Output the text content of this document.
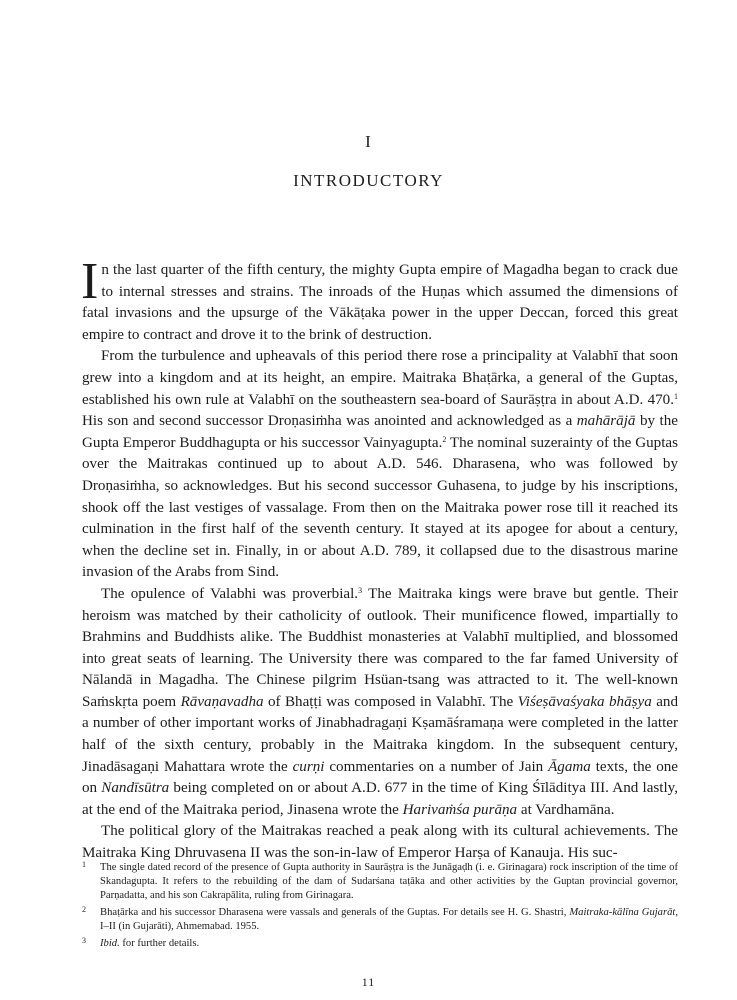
I
INTRODUCTORY

In the last quarter of the fifth century, the mighty Gupta empire of Magadha began to crack due to internal stresses and strains. The inroads of the Huṇas which assumed the dimensions of fatal invasions and the upsurge of the Vākāṭaka power in the upper Deccan, forced this great empire to contract and drove it to the brink of destruction.

From the turbulence and upheavals of this period there rose a principality at Valabhī that soon grew into a kingdom and at its height, an empire. Maitraka Bhaṭārka, a general of the Guptas, established his own rule at Valabhī on the southeastern sea-board of Saurāṣṭra in about A.D. 470.$^1$ His son and second successor Droṇasiṁha was anointed and acknowledged as a mahārājā by the Gupta Emperor Buddhagupta or his successor Vainyagupta.$^2$ The nominal suzerainty of the Guptas over the Maitrakas continued up to about A.D. 546. Dharasena, who was followed by Droṇasiṁha, so acknowledges. But his second successor Guhasena, to judge by his inscriptions, shook off the last vestiges of vassalage. From then on the Maitraka power rose till it reached its culmination in the first half of the seventh century. It stayed at its apogee for about a century, when the decline set in. Finally, in or about A.D. 789, it collapsed due to the disastrous marine invasion of the Arabs from Sind.

The opulence of Valabhi was proverbial.$^3$ The Maitraka kings were brave but gentle. Their heroism was matched by their catholicity of outlook. Their munificence flowed, impartially to Brahmins and Buddhists alike. The Buddhist monasteries at Valabhī multiplied, and blossomed into great seats of learning. The University there was compared to the far famed University of Nālandā in Magadha. The Chinese pilgrim Hsüan-tsang was attracted to it. The well-known Saṁskṛta poem Rāvaṇavadha of Bhaṭṭi was composed in Valabhī. The Viśeṣāvaśyaka bhāṣya and a number of other important works of Jinabhadragaṇi Kṣamāśramaṇa were completed in the latter half of the sixth century, probably in the Maitraka kingdom. In the subsequent century, Jinadāsagaṇi Mahattara wrote the curṇi commentaries on a number of Jain Āgama texts, the one on Nandīsūtra being completed on or about A.D. 677 in the time of King Śīlāditya III. And lastly, at the end of the Maitraka period, Jinasena wrote the Harivaṁśa purāṇa at Vardhamāna.

The political glory of the Maitrakas reached a peak along with its cultural achievements. The Maitraka King Dhruvasena II was the son-in-law of Emperor Harṣa of Kanauja. His suc-

1 The single dated record of the presence of Gupta authority in Saurāṣṭra is the Junāgaḍh (i. e. Girinagara) rock inscription of the time of Skandagupta. It refers to the rebuilding of the dam of Sudarśana taṭāka and other activities by the Guptan provincial governor, Parṇadatta, and his son Cakrapālita, ruling from Girinagara.

2 Bhaṭārka and his successor Dharasena were vassals and generals of the Guptas. For details see H. G. Shastri, Maitraka-kālīna Gujarāt, I–II (in Gujarāti), Ahmemabad. 1955.

3 Ibid. for further details.

11
